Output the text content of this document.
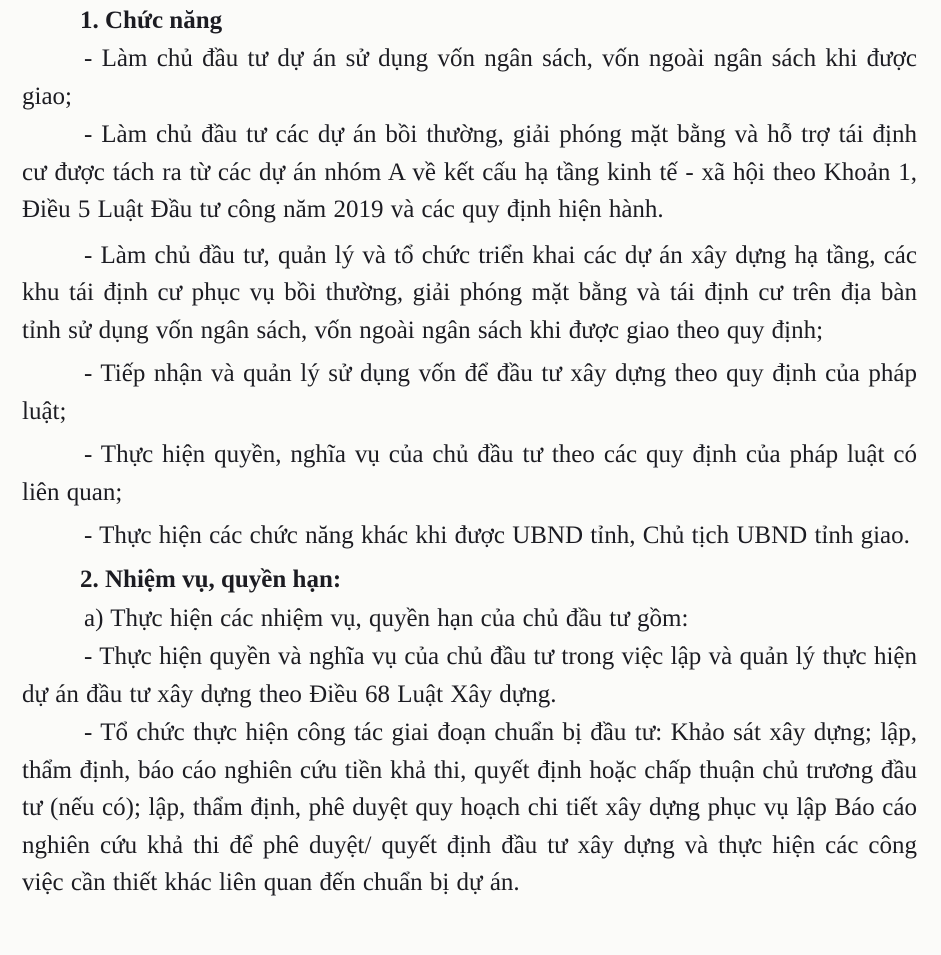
1. Chức năng

- Làm chủ đầu tư dự án sử dụng vốn ngân sách, vốn ngoài ngân sách khi được giao;

- Làm chủ đầu tư các dự án bồi thường, giải phóng mặt bằng và hỗ trợ tái định cư được tách ra từ các dự án nhóm A về kết cấu hạ tầng kinh tế - xã hội theo Khoản 1, Điều 5 Luật Đầu tư công năm 2019 và các quy định hiện hành.

- Làm chủ đầu tư, quản lý và tổ chức triển khai các dự án xây dựng hạ tầng, các khu tái định cư phục vụ bồi thường, giải phóng mặt bằng và tái định cư trên địa bàn tỉnh sử dụng vốn ngân sách, vốn ngoài ngân sách khi được giao theo quy định;

- Tiếp nhận và quản lý sử dụng vốn để đầu tư xây dựng theo quy định của pháp luật;

- Thực hiện quyền, nghĩa vụ của chủ đầu tư theo các quy định của pháp luật có liên quan;

- Thực hiện các chức năng khác khi được UBND tỉnh, Chủ tịch UBND tỉnh giao.

2. Nhiệm vụ, quyền hạn:

a) Thực hiện các nhiệm vụ, quyền hạn của chủ đầu tư gồm:

- Thực hiện quyền và nghĩa vụ của chủ đầu tư trong việc lập và quản lý thực hiện dự án đầu tư xây dựng theo Điều 68 Luật Xây dựng.

- Tổ chức thực hiện công tác giai đoạn chuẩn bị đầu tư: Khảo sát xây dựng; lập, thẩm định, báo cáo nghiên cứu tiền khả thi, quyết định hoặc chấp thuận chủ trương đầu tư (nếu có); lập, thẩm định, phê duyệt quy hoạch chi tiết xây dựng phục vụ lập Báo cáo nghiên cứu khả thi để phê duyệt/ quyết định đầu tư xây dựng và thực hiện các công việc cần thiết khác liên quan đến chuẩn bị dự án.
